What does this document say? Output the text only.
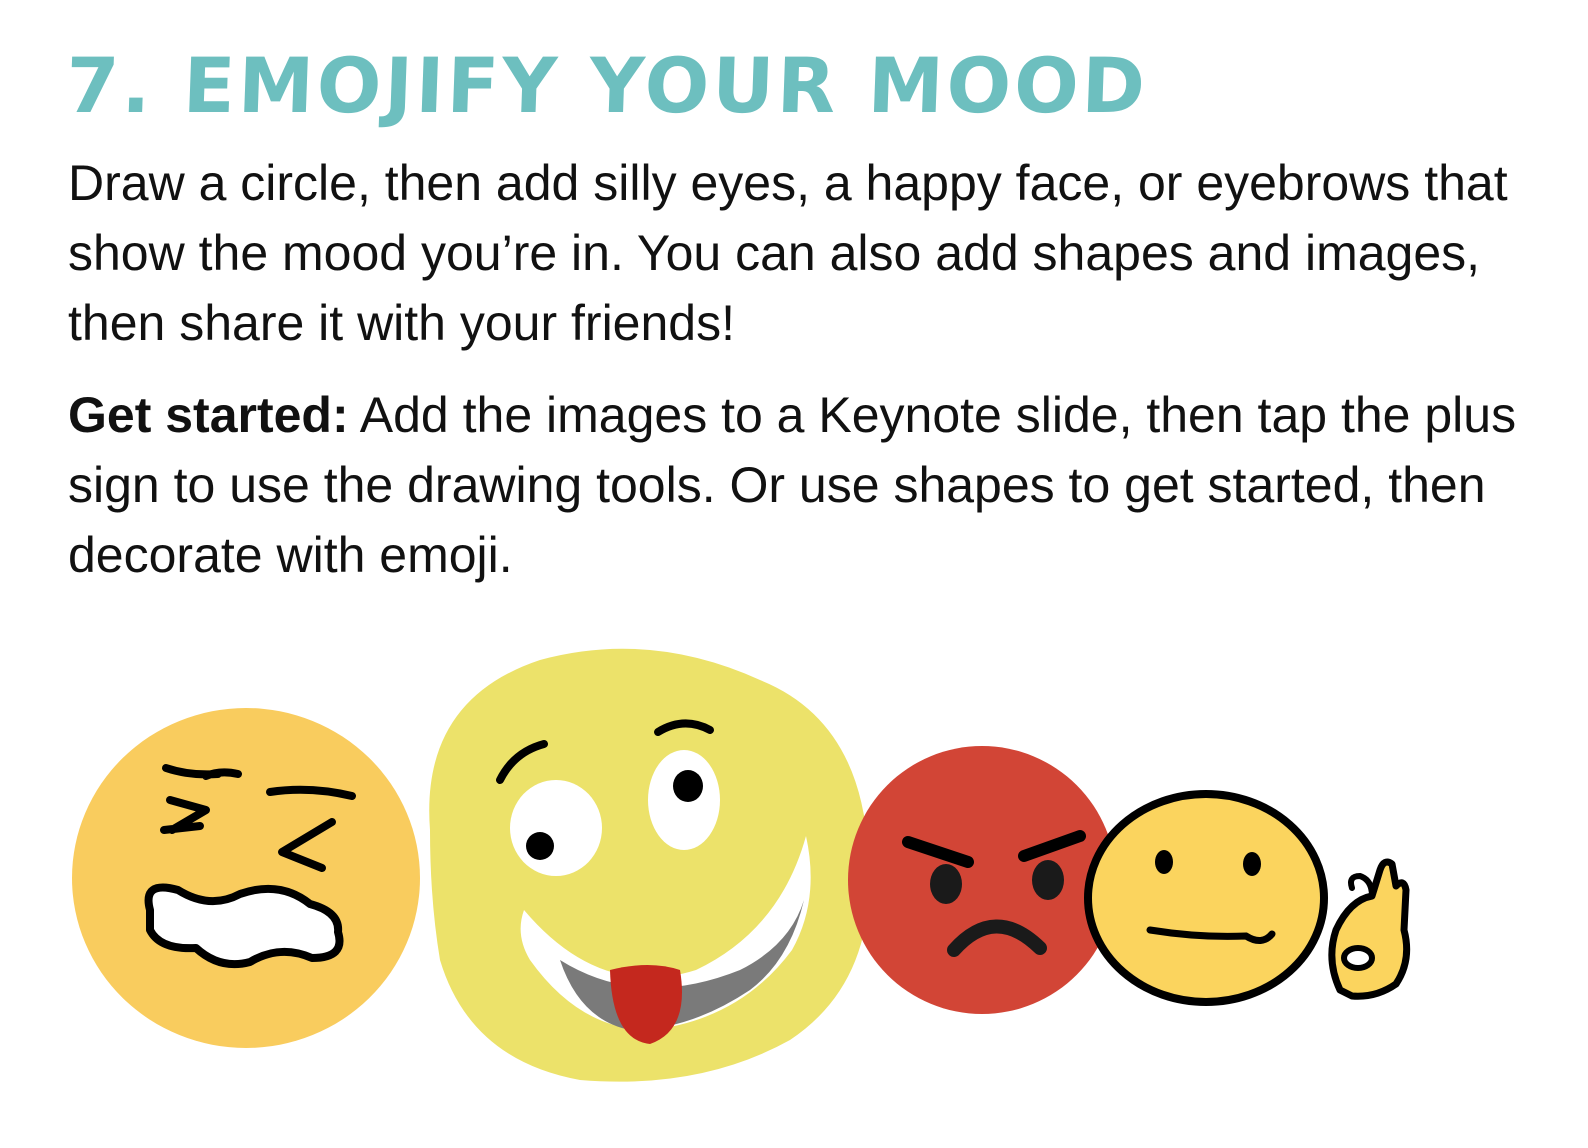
7. EMOJIFY YOUR MOOD

Draw a circle, then add silly eyes, a happy face, or eyebrows that show the mood you’re in. You can also add shapes and images, then share it with your friends!

Get started: Add the images to a Keynote slide, then tap the plus sign to use the drawing tools. Or use shapes to get started, then decorate with emoji.
